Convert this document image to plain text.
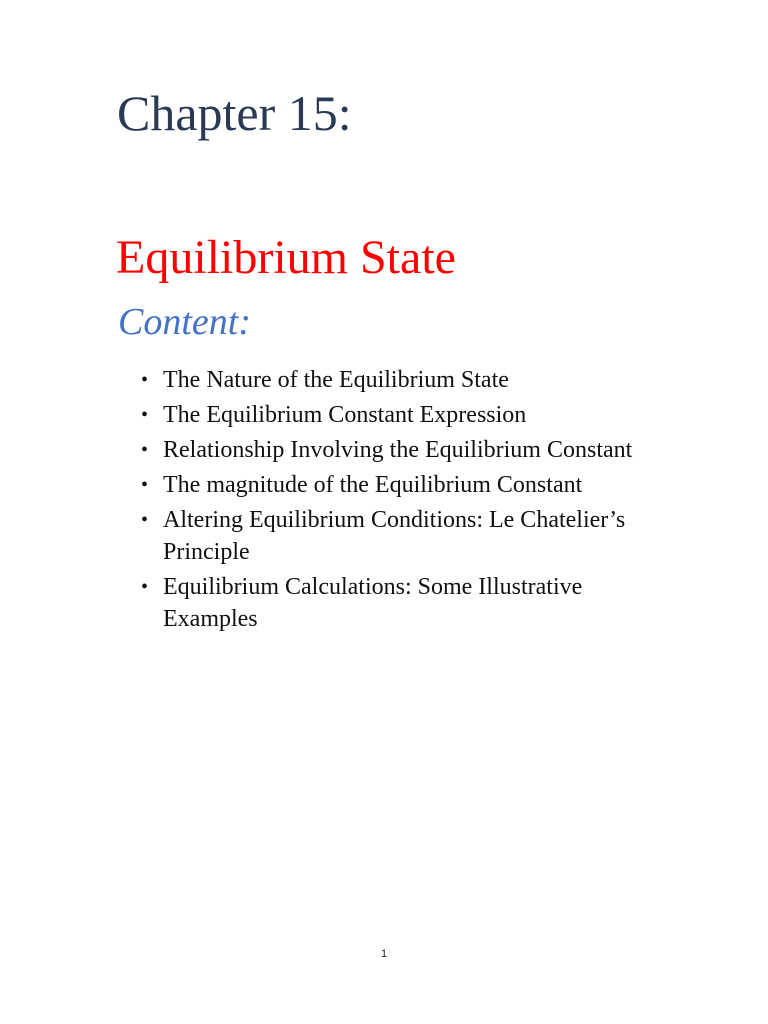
Chapter 15:
Equilibrium State
Content:
• The Nature of the Equilibrium State
• The Equilibrium Constant Expression
• Relationship Involving the Equilibrium Constant
• The magnitude of the Equilibrium Constant
• Altering Equilibrium Conditions: Le Chatelier’s Principle
• Equilibrium Calculations: Some Illustrative Examples
1
